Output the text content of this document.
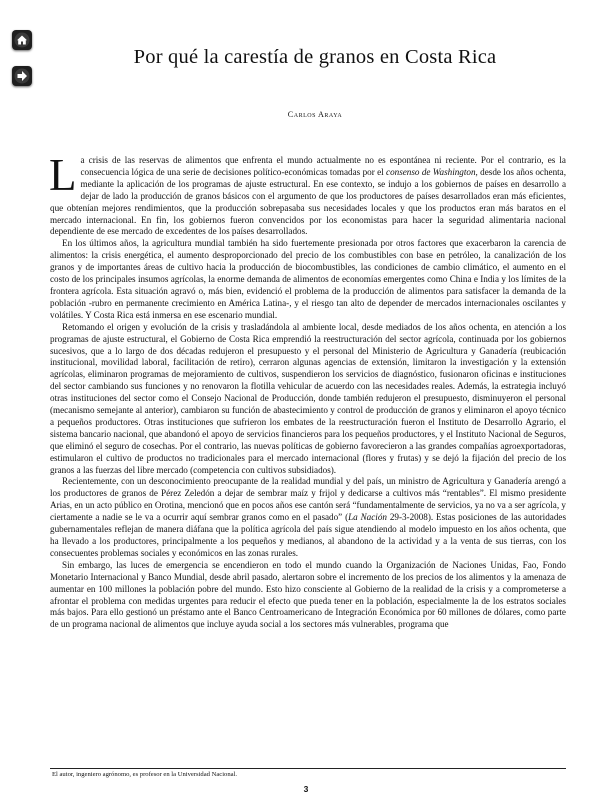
Por qué la carestía de granos en Costa Rica
Carlos Araya

La crisis de las reservas de alimentos que enfrenta el mundo actualmente no es espontánea ni reciente. Por el contrario, es la consecuencia lógica de una serie de decisiones político-económicas tomadas por el consenso de Washington, desde los años ochenta, mediante la aplicación de los programas de ajuste estructural. En ese contexto, se indujo a los gobiernos de países en desarrollo a dejar de lado la producción de granos básicos con el argumento de que los productores de países desarrollados eran más eficientes, que obtenían mejores rendimientos, que la producción sobrepasaba sus necesidades locales y que los productos eran más baratos en el mercado internacional. En fin, los gobiernos fueron convencidos por los economistas para hacer la seguridad alimentaria nacional dependiente de ese mercado de excedentes de los países desarrollados.

En los últimos años, la agricultura mundial también ha sido fuertemente presionada por otros factores que exacerbaron la carencia de alimentos: la crisis energética, el aumento desproporcionado del precio de los combustibles con base en petróleo, la canalización de los granos y de importantes áreas de cultivo hacia la producción de biocombustibles, las condiciones de cambio climático, el aumento en el costo de los principales insumos agrícolas, la enorme demanda de alimentos de economías emergentes como China e India y los límites de la frontera agrícola. Esta situación agravó o, más bien, evidenció el problema de la producción de alimentos para satisfacer la demanda de la población -rubro en permanente crecimiento en América Latina-, y el riesgo tan alto de depender de mercados internacionales oscilantes y volátiles. Y Costa Rica está inmersa en ese escenario mundial.

Retomando el origen y evolución de la crisis y trasladándola al ambiente local, desde mediados de los años ochenta, en atención a los programas de ajuste estructural, el Gobierno de Costa Rica emprendió la reestructuración del sector agrícola, continuada por los gobiernos sucesivos, que a lo largo de dos décadas redujeron el presupuesto y el personal del Ministerio de Agricultura y Ganadería (reubicación institucional, movilidad laboral, facilitación de retiro), cerraron algunas agencias de extensión, limitaron la investigación y la extensión agrícolas, eliminaron programas de mejoramiento de cultivos, suspendieron los servicios de diagnóstico, fusionaron oficinas e instituciones del sector cambiando sus funciones y no renovaron la flotilla vehicular de acuerdo con las necesidades reales. Además, la estrategia incluyó otras instituciones del sector como el Consejo Nacional de Producción, donde también redujeron el presupuesto, disminuyeron el personal (mecanismo semejante al anterior), cambiaron su función de abastecimiento y control de producción de granos y eliminaron el apoyo técnico a pequeños productores. Otras instituciones que sufrieron los embates de la reestructuración fueron el Instituto de Desarrollo Agrario, el sistema bancario nacional, que abandonó el apoyo de servicios financieros para los pequeños productores, y el Instituto Nacional de Seguros, que eliminó el seguro de cosechas. Por el contrario, las nuevas políticas de gobierno favorecieron a las grandes compañías agroexportadoras, estimularon el cultivo de productos no tradicionales para el mercado internacional (flores y frutas) y se dejó la fijación del precio de los granos a las fuerzas del libre mercado (competencia con cultivos subsidiados).

Recientemente, con un desconocimiento preocupante de la realidad mundial y del país, un ministro de Agricultura y Ganadería arengó a los productores de granos de Pérez Zeledón a dejar de sembrar maíz y frijol y dedicarse a cultivos más “rentables”. El mismo presidente Arias, en un acto público en Orotina, mencionó que en pocos años ese cantón será “fundamentalmente de servicios, ya no va a ser agrícola, y ciertamente a nadie se le va a ocurrir aquí sembrar granos como en el pasado” (La Nación 29-3-2008). Estas posiciones de las autoridades gubernamentales reflejan de manera diáfana que la política agrícola del país sigue atendiendo al modelo impuesto en los años ochenta, que ha llevado a los productores, principalmente a los pequeños y medianos, al abandono de la actividad y a la venta de sus tierras, con los consecuentes problemas sociales y económicos en las zonas rurales.

Sin embargo, las luces de emergencia se encendieron en todo el mundo cuando la Organización de Naciones Unidas, Fao, Fondo Monetario Internacional y Banco Mundial, desde abril pasado, alertaron sobre el incremento de los precios de los alimentos y la amenaza de aumentar en 100 millones la población pobre del mundo. Esto hizo consciente al Gobierno de la realidad de la crisis y a comprometerse a afrontar el problema con medidas urgentes para reducir el efecto que pueda tener en la población, especialmente la de los estratos sociales más bajos. Para ello gestionó un préstamo ante el Banco Centroamericano de Integración Económica por 60 millones de dólares, como parte de un programa nacional de alimentos que incluye ayuda social a los sectores más vulnerables, programa que

El autor, ingeniero agrónomo, es profesor en la Universidad Nacional.
3
